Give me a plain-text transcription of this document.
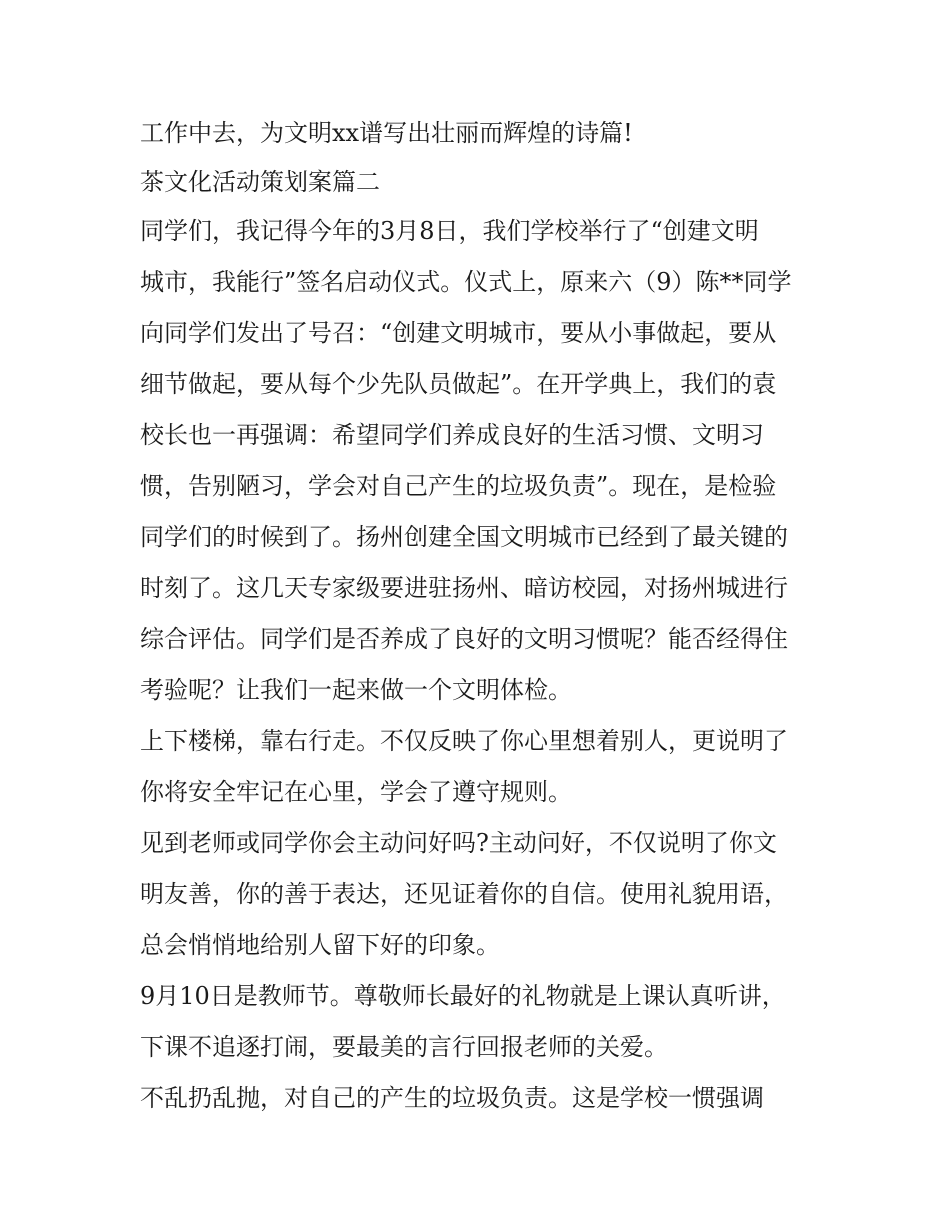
工作中去，为文明xx谱写出壮丽而辉煌的诗篇!
茶文化活动策划案篇二
同学们，我记得今年的3月8日，我们学校举行了“创建文明
城市，我能行”签名启动仪式。仪式上，原来六（9）陈**同学
向同学们发出了号召：“创建文明城市，要从小事做起，要从
细节做起，要从每个少先队员做起”。在开学典上，我们的袁
校长也一再强调：希望同学们养成良好的生活习惯、文明习
惯，告别陋习，学会对自己产生的垃圾负责”。现在，是检验
同学们的时候到了。扬州创建全国文明城市已经到了最关键的
时刻了。这几天专家级要进驻扬州、暗访校园，对扬州城进行
综合评估。同学们是否养成了良好的文明习惯呢？能否经得住
考验呢？让我们一起来做一个文明体检。
上下楼梯，靠右行走。不仅反映了你心里想着别人，更说明了
你将安全牢记在心里，学会了遵守规则。
见到老师或同学你会主动问好吗?主动问好，不仅说明了你文
明友善，你的善于表达，还见证着你的自信。使用礼貌用语，
总会悄悄地给别人留下好的印象。
9月10日是教师节。尊敬师长最好的礼物就是上课认真听讲，
下课不追逐打闹，要最美的言行回报老师的关爱。
不乱扔乱抛，对自己的产生的垃圾负责。这是学校一惯强调
